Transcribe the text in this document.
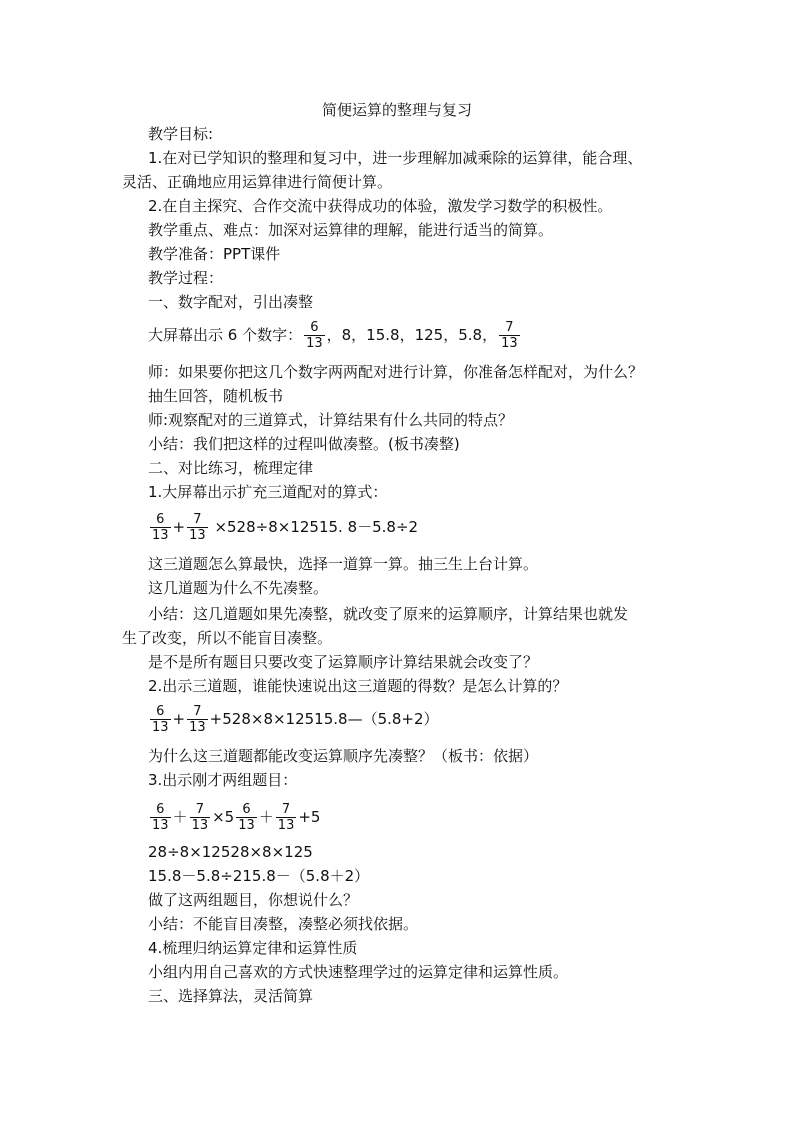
简便运算的整理与复习
教学目标:
1.在对已学知识的整理和复习中，进一步理解加减乘除的运算律，能合理、
灵活、正确地应用运算律进行简便计算。
2.在自主探究、合作交流中获得成功的体验，激发学习数学的积极性。
教学重点、难点：加深对运算律的理解，能进行适当的简算。
教学准备：PPT课件
教学过程：
一、数字配对，引出凑整
大屏幕出示 6 个数字： $\frac{6}{13}$ ，8，15.8，125，5.8， $\frac{7}{13}$
师：如果要你把这几个数字两两配对进行计算，你准备怎样配对，为什么？
抽生回答，随机板书
师:观察配对的三道算式，计算结果有什么共同的特点？
小结：我们把这样的过程叫做凑整。(板书凑整)
二、对比练习，梳理定律
1.大屏幕出示扩充三道配对的算式：
$\frac{6}{13} + \frac{7}{13} \times 528\div 8\times 12515$. 8－5.8÷2
这三道题怎么算最快，选择一道算一算。抽三生上台计算。
这几道题为什么不先凑整。
小结：这几道题如果先凑整，就改变了原来的运算顺序，计算结果也就发
生了改变，所以不能盲目凑整。
是不是所有题目只要改变了运算顺序计算结果就会改变了？
2.出示三道题，谁能快速说出这三道题的得数？是怎么计算的？
$\frac{6}{13} + \frac{7}{13}$ +528×8×12515.8—（5.8+2）
为什么这三道题都能改变运算顺序先凑整？（板书：依据）
3.出示刚才两组题目：
$\frac{6}{13} + \frac{7}{13} \times 5 \frac{6}{13} + \frac{7}{13} +5$
28÷8×12528×8×125
15.8－5.8÷215.8－（5.8＋2）
做了这两组题目，你想说什么？
小结：不能盲目凑整，凑整必须找依据。
4.梳理归纳运算定律和运算性质
小组内用自己喜欢的方式快速整理学过的运算定律和运算性质。
三、选择算法，灵活简算
